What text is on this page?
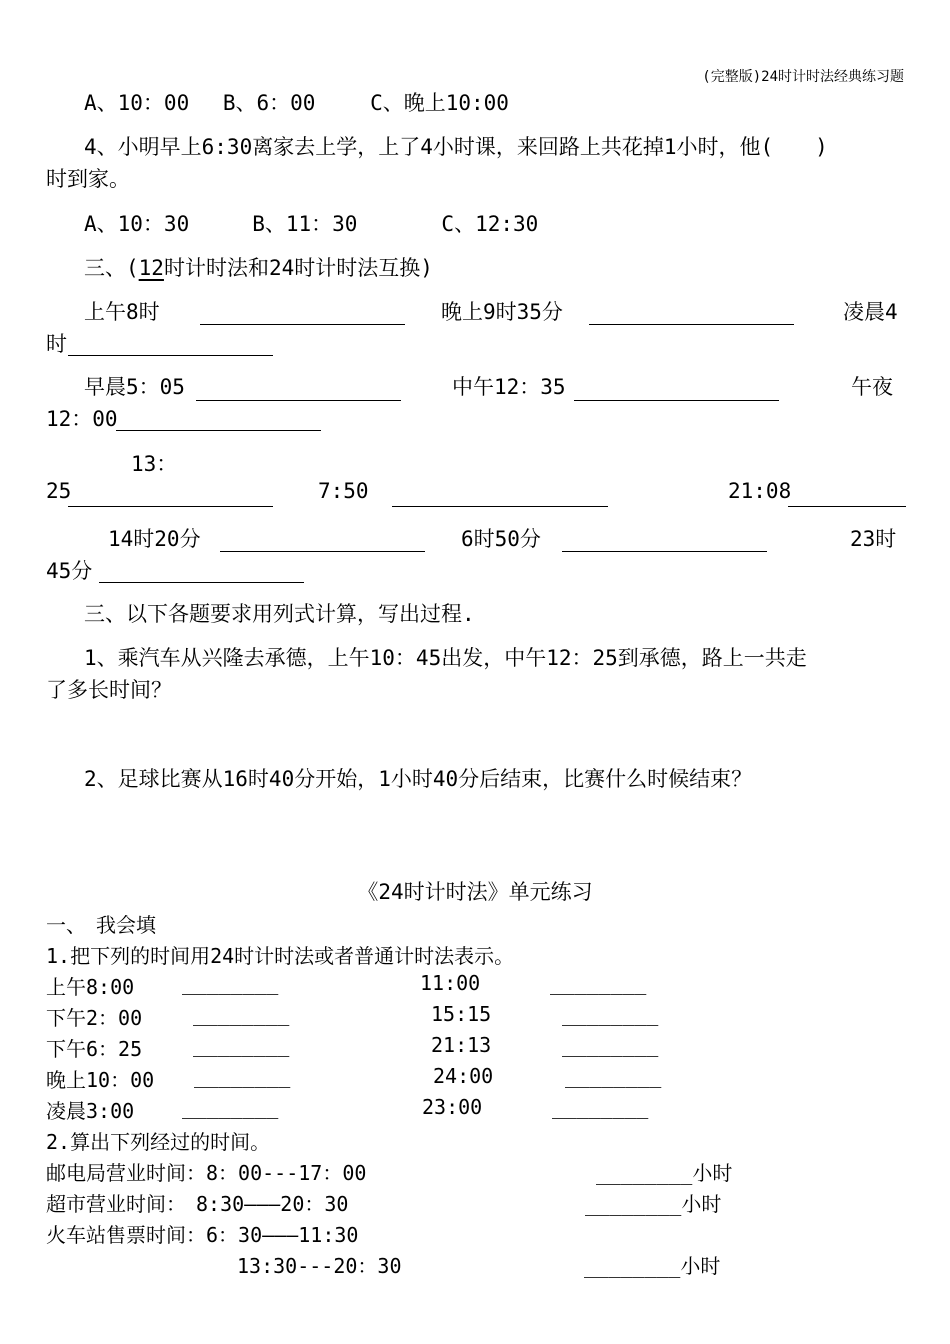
(完整版)24时计时法经典练习题
A、10：00　 B、6：00　　 C、晚上10:00
4、小明早上6:30离家去上学，上了4小时课，来回路上共花掉1小时，他(　　)
时到家。
A、10：30　　　B、11：30　　　　C、12:30
三、(12时计时法和24时计时法互换)
上午8时	晚上9时35分	凌晨4
时
早晨5：05	中午12：35	午夜
12：00
13：
25	7:50	21:08
14时20分	6时50分	23时
45分
三、以下各题要求用列式计算，写出过程.
1、乘汽车从兴隆去承德，上午10：45出发，中午12：25到承德，路上一共走
了多长时间？
2、足球比赛从16时40分开始，1小时40分后结束，比赛什么时候结束？
《24时计时法》单元练习
一、　我会填
1.把下列的时间用24时计时法或者普通计时法表示。
上午8:00 ________	11:00	________
下午2：00	________	15:15	________
下午6：25	________	21:13	________
晚上10：00 ________	24:00	________
凌晨3:00 ________	23:00	________
2.算出下列经过的时间。
邮电局营业时间：8：00---17：00	________小时
超市营业时间：　8:30———20：30	________小时
火车站售票时间：6：30———11:30
13:30---20：30	________小时
